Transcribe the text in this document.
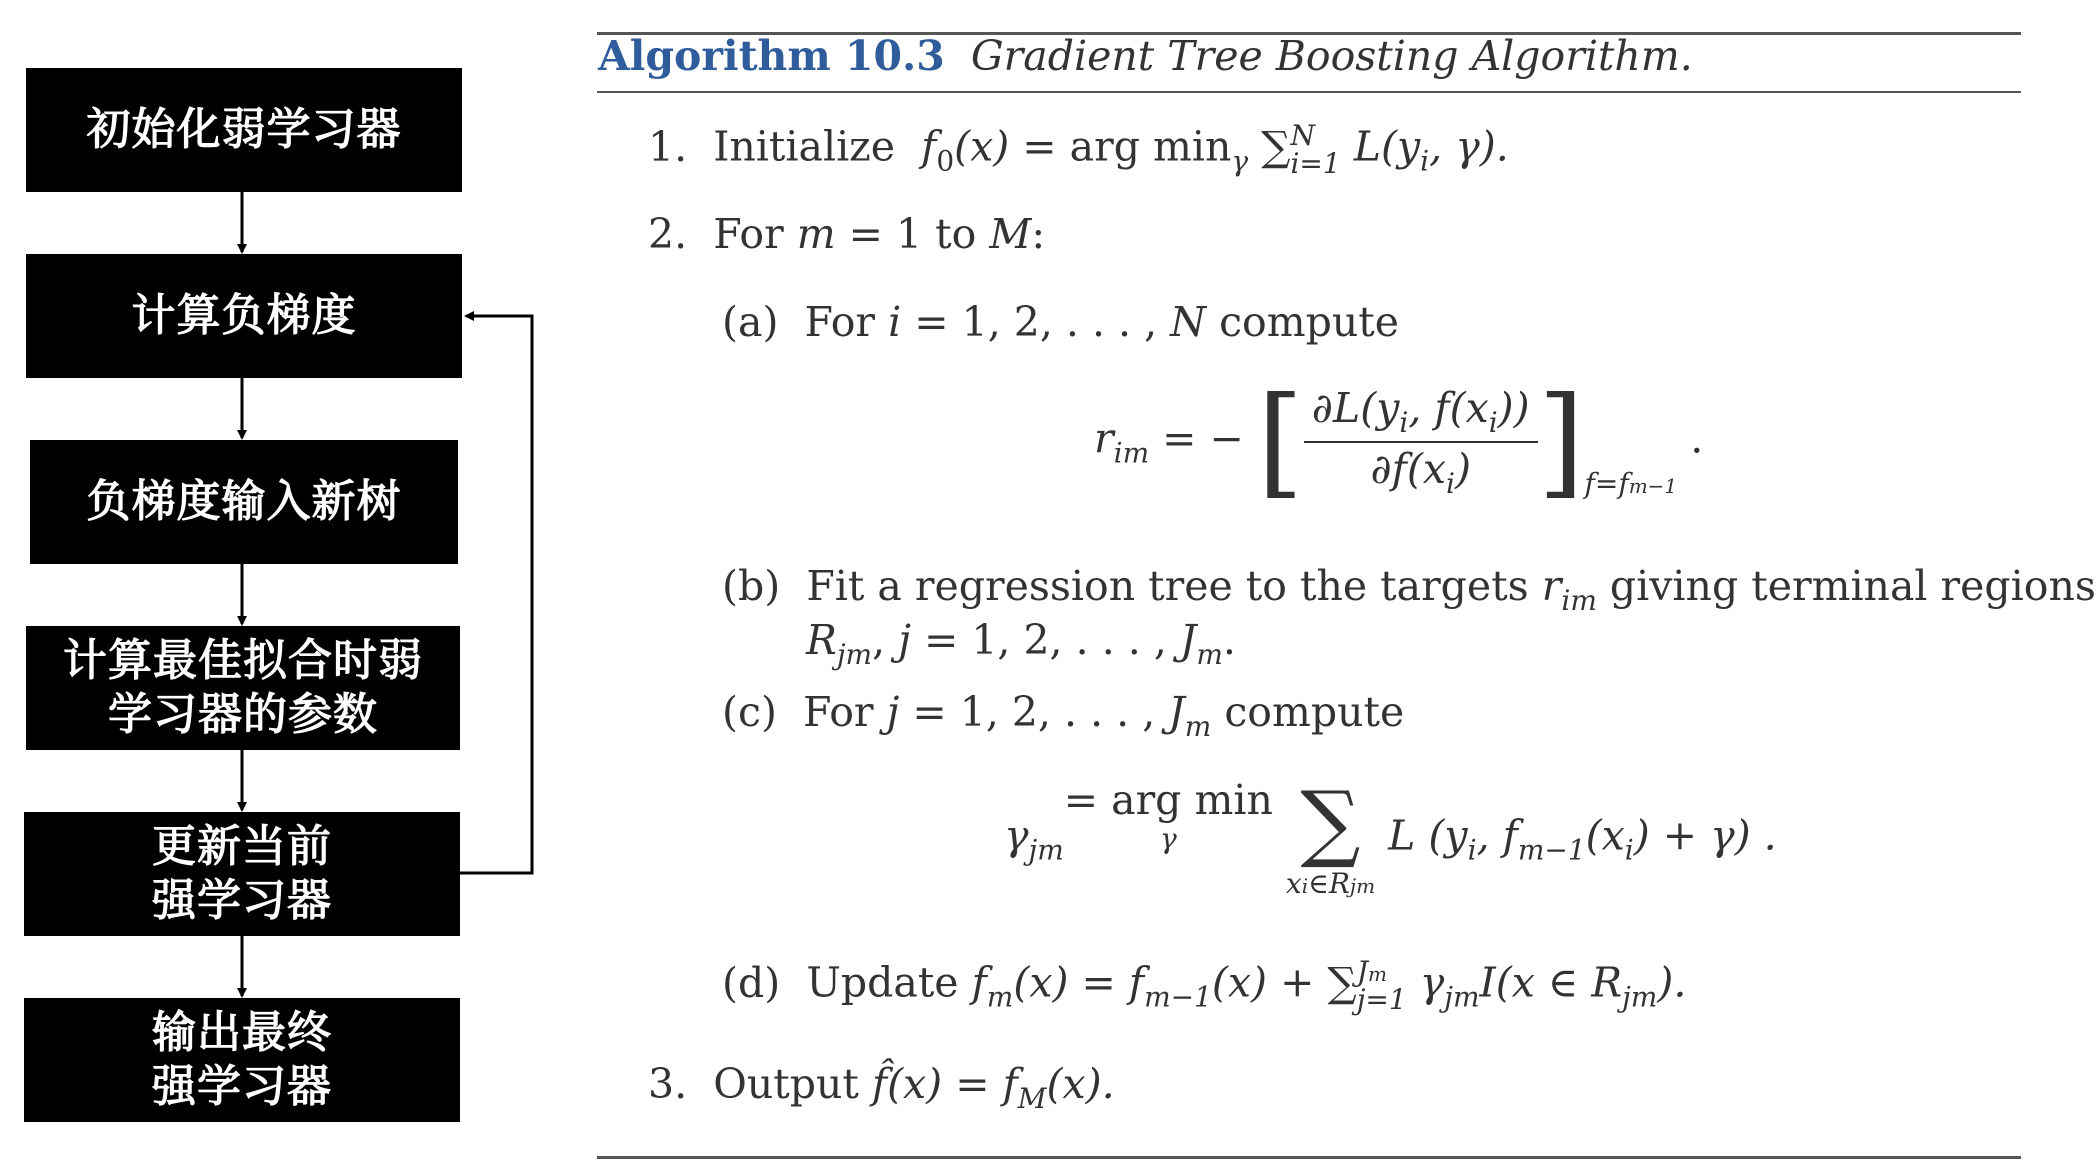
初始化弱学习器
计算负梯度
负梯度输入新树
计算最佳拟合时弱
学习器的参数
更新当前
强学习器
输出最终
强学习器
Algorithm 10.3 Gradient Tree Boosting Algorithm.
1. Initialize $f_0(x)$ = arg $\min_\gamma$ ∑ N
i=1 $L(y_i$, γ).
2. For m = 1 to M:
(a) For i = 1, 2, . . . , N compute
$r_{im}$ = − [ $\frac{\partial L(y_i, f(x_i))}{\partial f(x_i)} ]_{f=fm-1}$ .
(b) Fit a regression tree to the targets $r_{im}$ giving terminal regions
$R_{jm}$, j = 1, 2, . . . , $J_m$.
(c) For j = 1, 2, . . . , $J_m$ compute
$\gamma_{jm}=$ arg min
γ
	∑
xi∈Rjm
L ($y_i$, $f_{m-1}(x_i) + \gamma$) .
(d) Update $f_m(x) = f_{m-1}(x)$ + ∑ Jm
j=1 $\gamma_{jm}I(x$ ∈ $R_{jm}$).
3. Output f̂(x) = $f_M(x)$.
